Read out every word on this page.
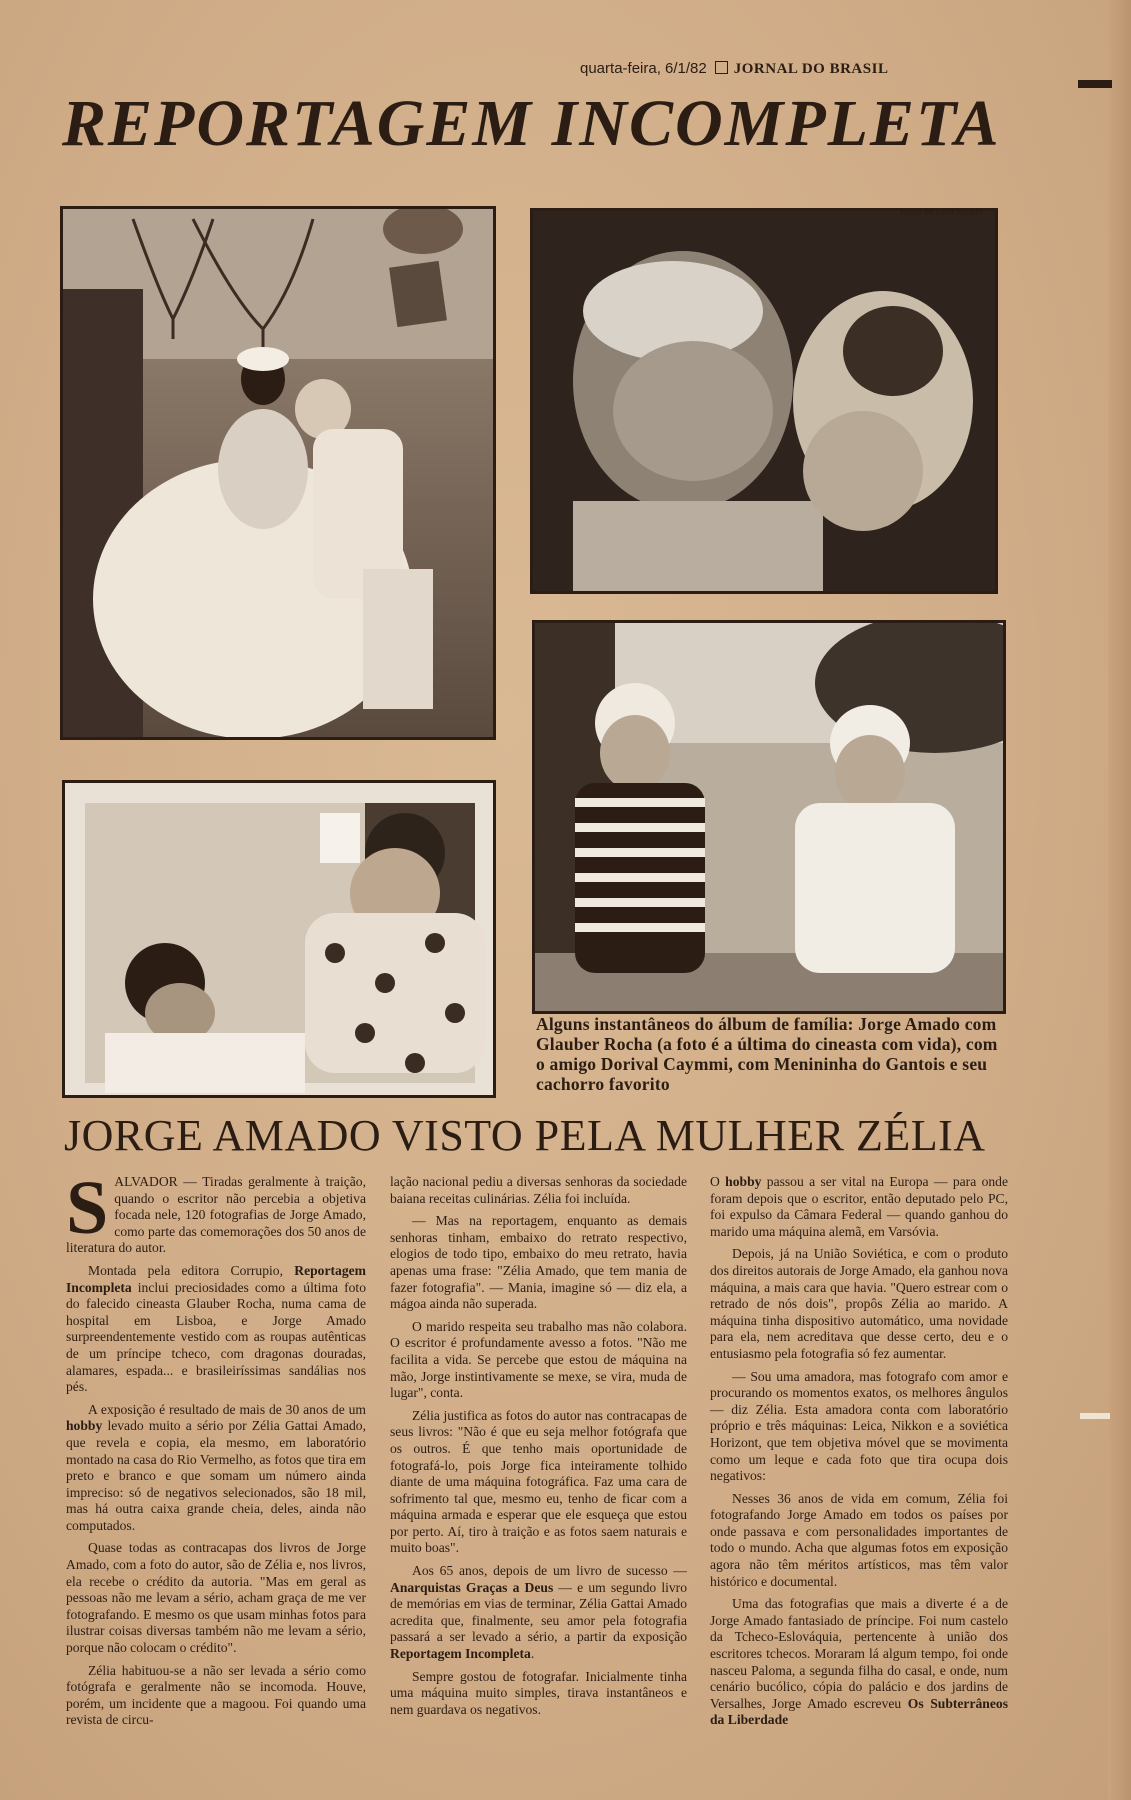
quarta-feira, 6/1/82 JORNAL DO BRASIL
REPORTAGEM INCOMPLETA
Fotos de Zélia Amado
Alguns instantâneos do álbum de família: Jorge Amado com Glauber Rocha (a foto é a última do cineasta com vida), com o amigo Dorival Caymmi, com Menininha do Gantois e seu cachorro favorito
JORGE AMADO VISTO PELA MULHER ZÉLIA

SALVADOR — Tiradas geralmente à traição, quando o escritor não percebia a objetiva focada nele, 120 fotografias de Jorge Amado, como parte das comemorações dos 50 anos de literatura do autor.

Montada pela editora Corrupio, Reportagem Incompleta inclui preciosidades como a última foto do falecido cineasta Glauber Rocha, numa cama de hospital em Lisboa, e Jorge Amado surpreendentemente vestido com as roupas autênticas de um príncipe tcheco, com dragonas douradas, alamares, espada... e brasileiríssimas sandálias nos pés.

A exposição é resultado de mais de 30 anos de um hobby levado muito a sério por Zélia Gattai Amado, que revela e copia, ela mesmo, em laboratório montado na casa do Rio Vermelho, as fotos que tira em preto e branco e que somam um número ainda impreciso: só de negativos selecionados, são 18 mil, mas há outra caixa grande cheia, deles, ainda não computados.

Quase todas as contracapas dos livros de Jorge Amado, com a foto do autor, são de Zélia e, nos livros, ela recebe o crédito da autoria. "Mas em geral as pessoas não me levam a sério, acham graça de me ver fotografando. E mesmo os que usam minhas fotos para ilustrar coisas diversas também não me levam a sério, porque não colocam o crédito".

Zélia habituou-se a não ser levada a sério como fotógrafa e geralmente não se incomoda. Houve, porém, um incidente que a magoou. Foi quando uma revista de circu-

lação nacional pediu a diversas senhoras da sociedade baiana receitas culinárias. Zélia foi incluída.

— Mas na reportagem, enquanto as demais senhoras tinham, embaixo do retrato respectivo, elogios de todo tipo, embaixo do meu retrato, havia apenas uma frase: "Zélia Amado, que tem mania de fazer fotografia". — Mania, imagine só — diz ela, a mágoa ainda não superada.

O marido respeita seu trabalho mas não colabora. O escritor é profundamente avesso a fotos. "Não me facilita a vida. Se percebe que estou de máquina na mão, Jorge instintivamente se mexe, se vira, muda de lugar", conta.

Zélia justifica as fotos do autor nas contracapas de seus livros: "Não é que eu seja melhor fotógrafa que os outros. É que tenho mais oportunidade de fotografá-lo, pois Jorge fica inteiramente tolhido diante de uma máquina fotográfica. Faz uma cara de sofrimento tal que, mesmo eu, tenho de ficar com a máquina armada e esperar que ele esqueça que estou por perto. Aí, tiro à traição e as fotos saem naturais e muito boas".

Aos 65 anos, depois de um livro de sucesso — Anarquistas Graças a Deus — e um segundo livro de memórias em vias de terminar, Zélia Gattai Amado acredita que, finalmente, seu amor pela fotografia passará a ser levado a sério, a partir da exposição Reportagem Incompleta.

Sempre gostou de fotografar. Inicialmente tinha uma máquina muito simples, tirava instantâneos e nem guardava os negativos.

O hobby passou a ser vital na Europa — para onde foram depois que o escritor, então deputado pelo PC, foi expulso da Câmara Federal — quando ganhou do marido uma máquina alemã, em Varsóvia.

Depois, já na União Soviética, e com o produto dos direitos autorais de Jorge Amado, ela ganhou nova máquina, a mais cara que havia. "Quero estrear com o retrado de nós dois", propôs Zélia ao marido. A máquina tinha dispositivo automático, uma novidade para ela, nem acreditava que desse certo, deu e o entusiasmo pela fotografia só fez aumentar.

— Sou uma amadora, mas fotografo com amor e procurando os momentos exatos, os melhores ângulos — diz Zélia. Esta amadora conta com laboratório próprio e três máquinas: Leica, Nikkon e a soviética Horizont, que tem objetiva móvel que se movimenta como um leque e cada foto que tira ocupa dois negativos:

Nesses 36 anos de vida em comum, Zélia foi fotografando Jorge Amado em todos os países por onde passava e com personalidades importantes de todo o mundo. Acha que algumas fotos em exposição agora não têm méritos artísticos, mas têm valor histórico e documental.

Uma das fotografias que mais a diverte é a de Jorge Amado fantasiado de príncipe. Foi num castelo da Tcheco-Eslováquia, pertencente à união dos escritores tchecos. Moraram lá algum tempo, foi onde nasceu Paloma, a segunda filha do casal, e onde, num cenário bucólico, cópia do palácio e dos jardins de Versalhes, Jorge Amado escreveu Os Subterrâneos da Liberdade
